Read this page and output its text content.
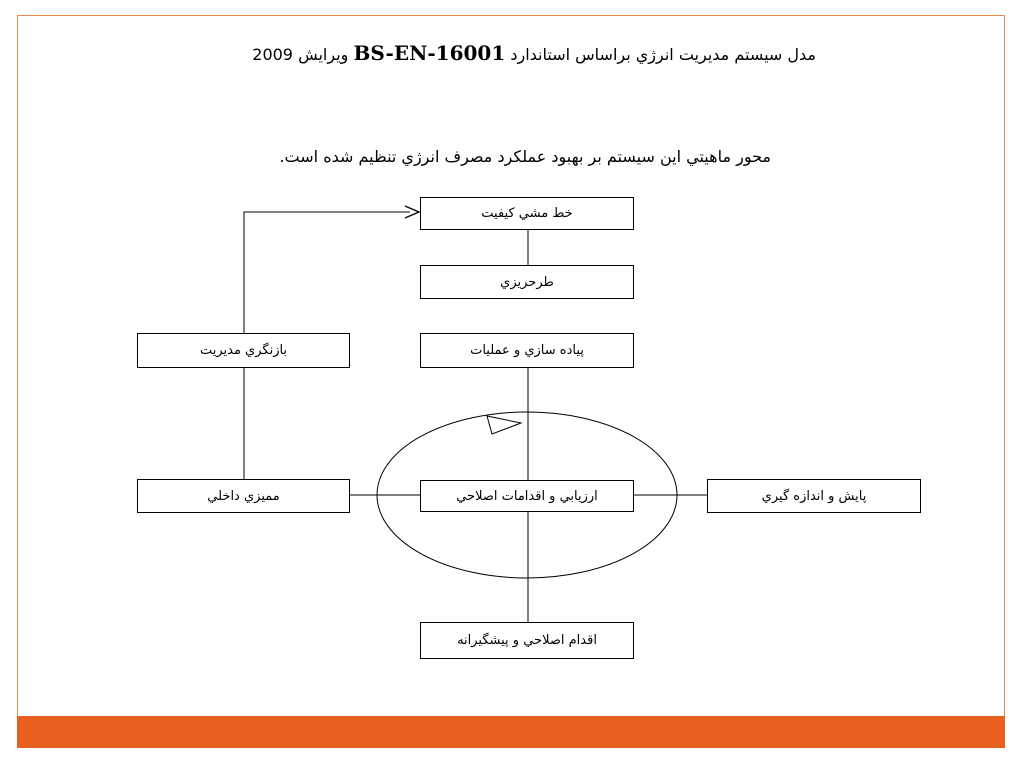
مدل سيستم مديريت انرژي براساس استاندارد BS-EN-16001 ويرايش 2009
محور ماهيتي اين سيستم بر بهبود عملكرد مصرف انرژي تنظيم شده است.
خط مشي كيفيت
طرحريزي
پياده سازي و عمليات
بازنگري مديريت
ارزيابي و اقدامات اصلاحي
مميزي داخلي	پايش و اندازه گيري
اقدام اصلاحي و پيشگيرانه
